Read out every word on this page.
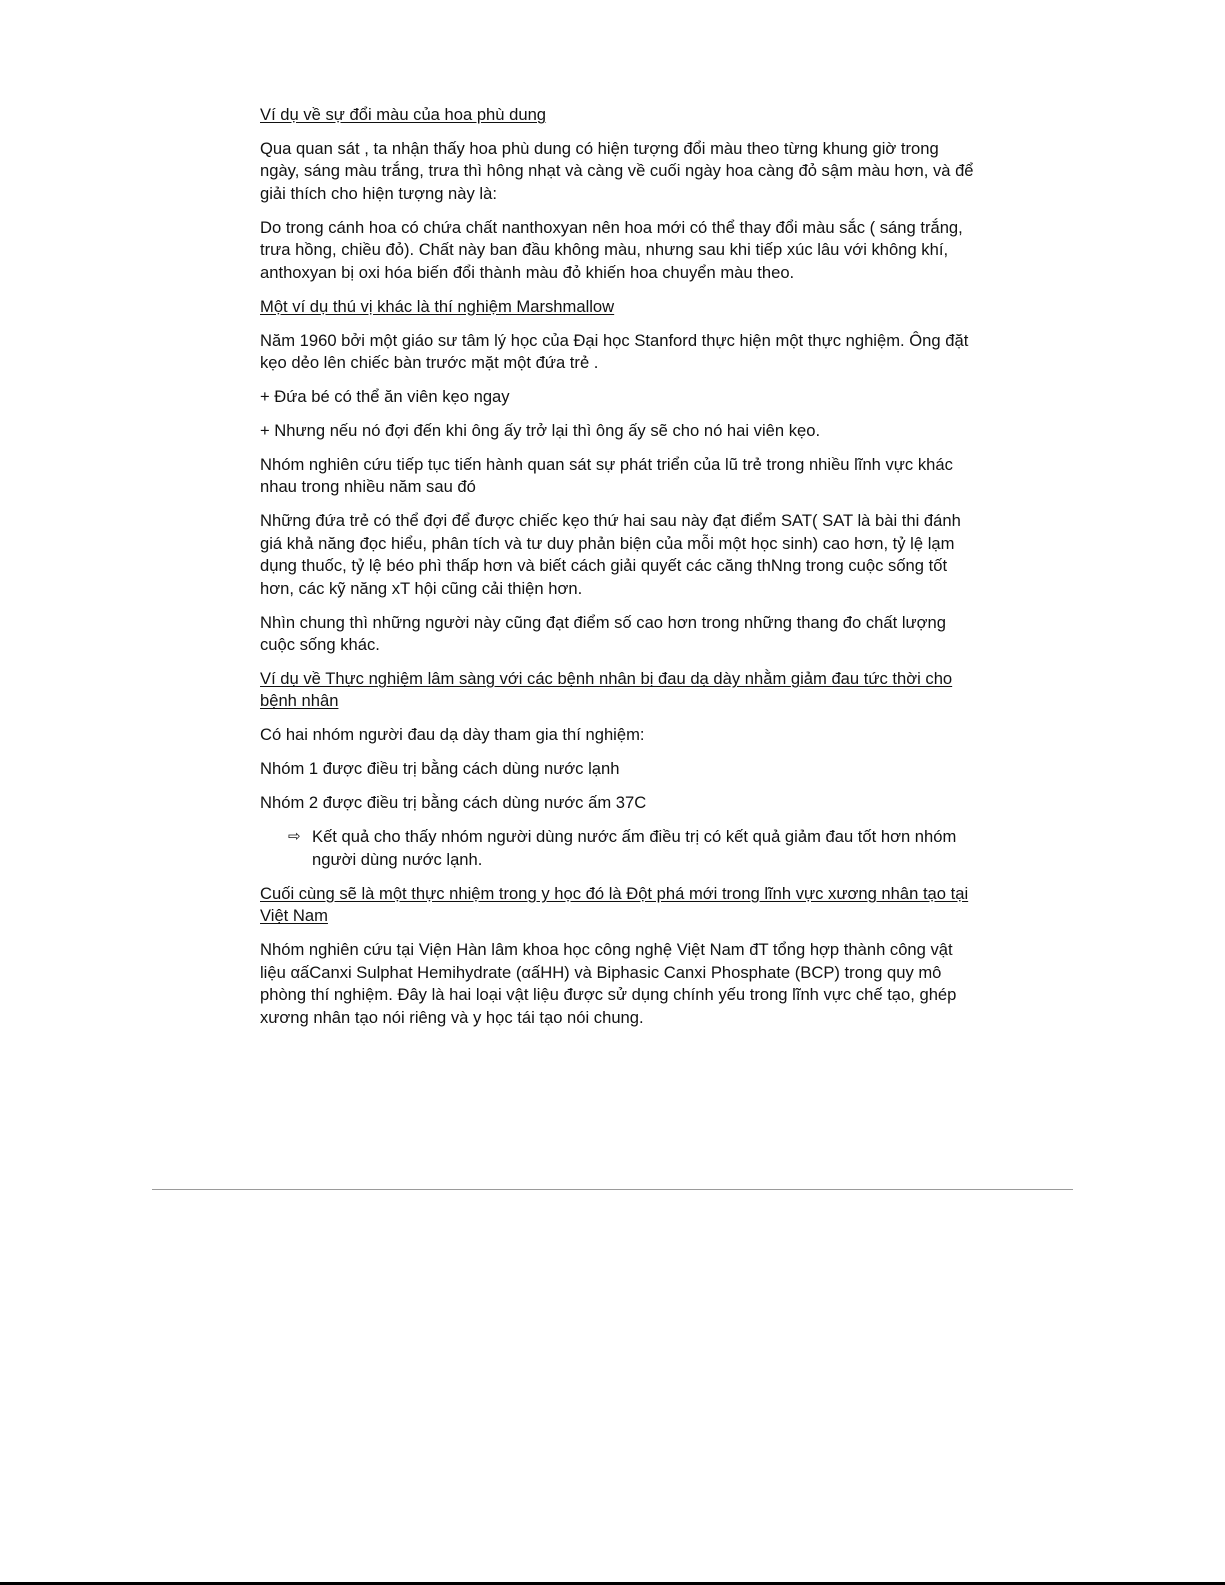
Ví dụ về sự đổi màu của hoa phù dung

Qua quan sát , ta nhận thấy hoa phù dung có hiện tượng đổi màu theo từng khung giờ trong ngày, sáng màu trắng, trưa thì hông nhạt và càng về cuối ngày hoa càng đỏ sậm màu hơn, và để giải thích cho hiện tượng này là:

Do trong cánh hoa có chứa chất nanthoxyan nên hoa mới có thể thay đổi màu sắc ( sáng trắng, trưa hồng, chiều đỏ). Chất này ban đầu không màu, nhưng sau khi tiếp xúc lâu với không khí, anthoxyan bị oxi hóa biến đổi thành màu đỏ khiến hoa chuyển màu theo.

Một ví dụ thú vị khác là thí nghiệm Marshmallow

Năm 1960 bởi một giáo sư tâm lý học của Đại học Stanford thực hiện một thực nghiệm. Ông đặt kẹo dẻo lên chiếc bàn trước mặt một đứa trẻ .

+ Đứa bé có thể ăn viên kẹo ngay

+ Nhưng nếu nó đợi đến khi ông ấy trở lại thì ông ấy sẽ cho nó hai viên kẹo.

Nhóm nghiên cứu tiếp tục tiến hành quan sát sự phát triển của lũ trẻ trong nhiều lĩnh vực khác nhau trong nhiều năm sau đó

Những đứa trẻ có thể đợi để được chiếc kẹo thứ hai sau này đạt điểm SAT( SAT là bài thi đánh giá khả năng đọc hiểu, phân tích và tư duy phản biện của mỗi một học sinh) cao hơn, tỷ lệ lạm dụng thuốc, tỷ lệ béo phì thấp hơn và biết cách giải quyết các căng thNng trong cuộc sống tốt hơn, các kỹ năng xT hội cũng cải thiện hơn.

Nhìn chung thì những người này cũng đạt điểm số cao hơn trong những thang đo chất lượng cuộc sống khác.

Ví dụ về Thực nghiệm lâm sàng với các bệnh nhân bị đau dạ dày nhằm giảm đau tức thời cho bệnh nhân

Có hai nhóm người đau dạ dày tham gia thí nghiệm:

Nhóm 1 được điều trị bằng cách dùng nước lạnh

Nhóm 2 được điều trị bằng cách dùng nước ấm 37C

⇨ Kết quả cho thấy nhóm người dùng nước ấm điều trị có kết quả giảm đau tốt hơn nhóm người dùng nước lạnh.

Cuối cùng sẽ là một thực nhiệm trong y học đó là Đột phá mới trong lĩnh vực xương nhân tạo tại Việt Nam

Nhóm nghiên cứu tại Viện Hàn lâm khoa học công nghệ Việt Nam đT tổng hợp thành công vật liệu αấCanxi Sulphat Hemihydrate (αấHH) và Biphasic Canxi Phosphate (BCP) trong quy mô phòng thí nghiệm. Đây là hai loại vật liệu được sử dụng chính yếu trong lĩnh vực chế tạo, ghép xương nhân tạo nói riêng và y học tái tạo nói chung.
